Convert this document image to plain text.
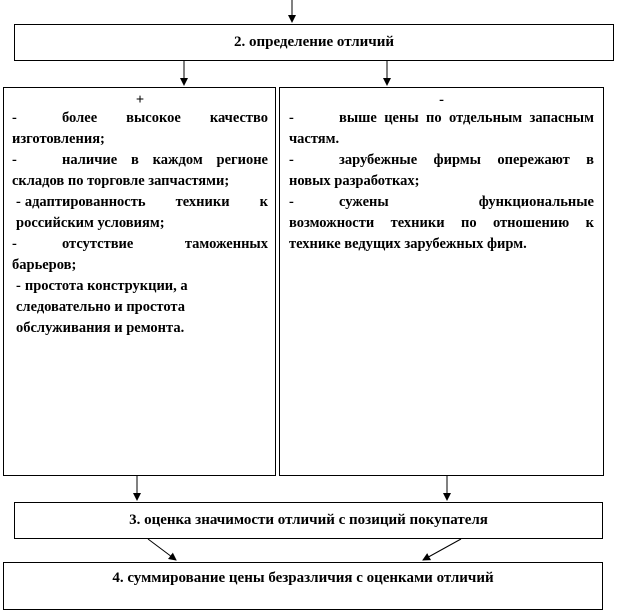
2. определение отличий
+

-	более высокое качество изготовления;

-	наличие в каждом регионе складов по торговле запчастями;

- адаптированность техники к российским условиям;

-	отсутствие таможенных барьеров;

- простота конструкции, а следовательно и простота обслуживания и ремонта.

-

-	выше цены по отдельным запасным частям.

-	зарубежные фирмы опережают в новых разработках;

-	сужены функциональные возможности техники по отношению к технике ведущих зарубежных фирм.

3. оценка значимости отличий с позиций покупателя
4. суммирование цены безразличия с оценками отличий
